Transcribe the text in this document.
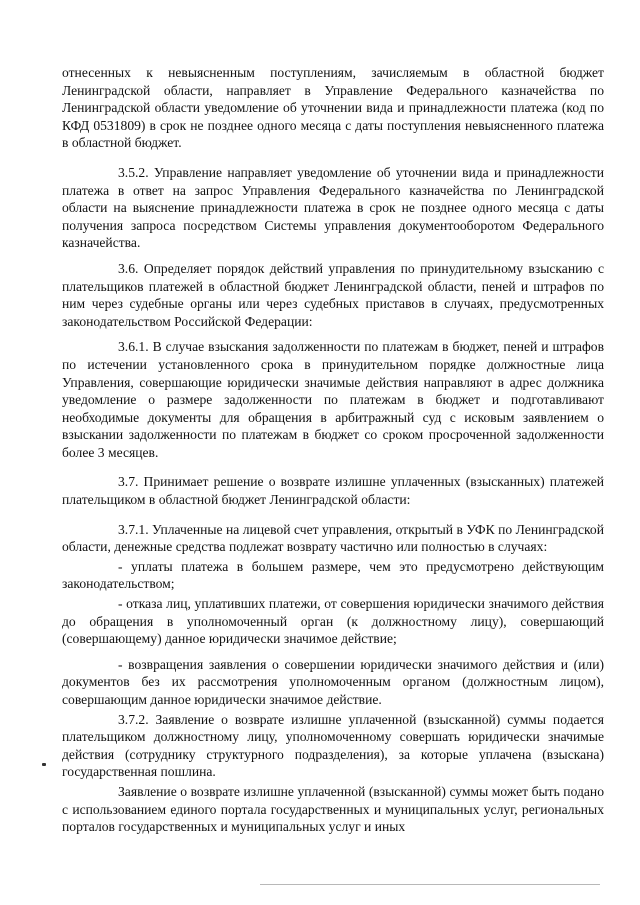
отнесенных к невыясненным поступлениям, зачисляемым в областной бюджет Ленинградской области, направляет в Управление Федерального казначейства по Ленинградской области уведомление об уточнении вида и принадлежности платежа (код по КФД 0531809) в срок не позднее одного месяца с даты поступления невыясненного платежа в областной бюджет.

3.5.2. Управление направляет уведомление об уточнении вида и принадлежности платежа в ответ на запрос Управления Федерального казначейства по Ленинградской области на выяснение принадлежности платежа в срок не позднее одного месяца с даты получения запроса посредством Системы управления документооборотом Федерального казначейства.

3.6. Определяет порядок действий управления по принудительному взысканию с плательщиков платежей в областной бюджет Ленинградской области, пеней и штрафов по ним через судебные органы или через судебных приставов в случаях, предусмотренных законодательством Российской Федерации:

3.6.1. В случае взыскания задолженности по платежам в бюджет, пеней и штрафов по истечении установленного срока в принудительном порядке должностные лица Управления, совершающие юридически значимые действия направляют в адрес должника уведомление о размере задолженности по платежам в бюджет и подготавливают необходимые документы для обращения в арбитражный суд с исковым заявлением о взыскании задолженности по платежам в бюджет со сроком просроченной задолженности более 3 месяцев.

3.7. Принимает решение о возврате излишне уплаченных (взысканных) платежей плательщиком в областной бюджет Ленинградской области:

3.7.1. Уплаченные на лицевой счет управления, открытый в УФК по Ленинградской области, денежные средства подлежат возврату частично или полностью в случаях:

- уплаты платежа в большем размере, чем это предусмотрено действующим законодательством;

- отказа лиц, уплативших платежи, от совершения юридически значимого действия до обращения в уполномоченный орган (к должностному лицу), совершающий (совершающему) данное юридически значимое действие;

- возвращения заявления о совершении юридически значимого действия и (или) документов без их рассмотрения уполномоченным органом (должностным лицом), совершающим данное юридически значимое действие.

3.7.2. Заявление о возврате излишне уплаченной (взысканной) суммы подается плательщиком должностному лицу, уполномоченному совершать юридически значимые действия (сотруднику структурного подразделения), за которые уплачена (взыскана) государственная пошлина.

Заявление о возврате излишне уплаченной (взысканной) суммы может быть подано с использованием единого портала государственных и муниципальных услуг, региональных порталов государственных и муниципальных услуг и иных
